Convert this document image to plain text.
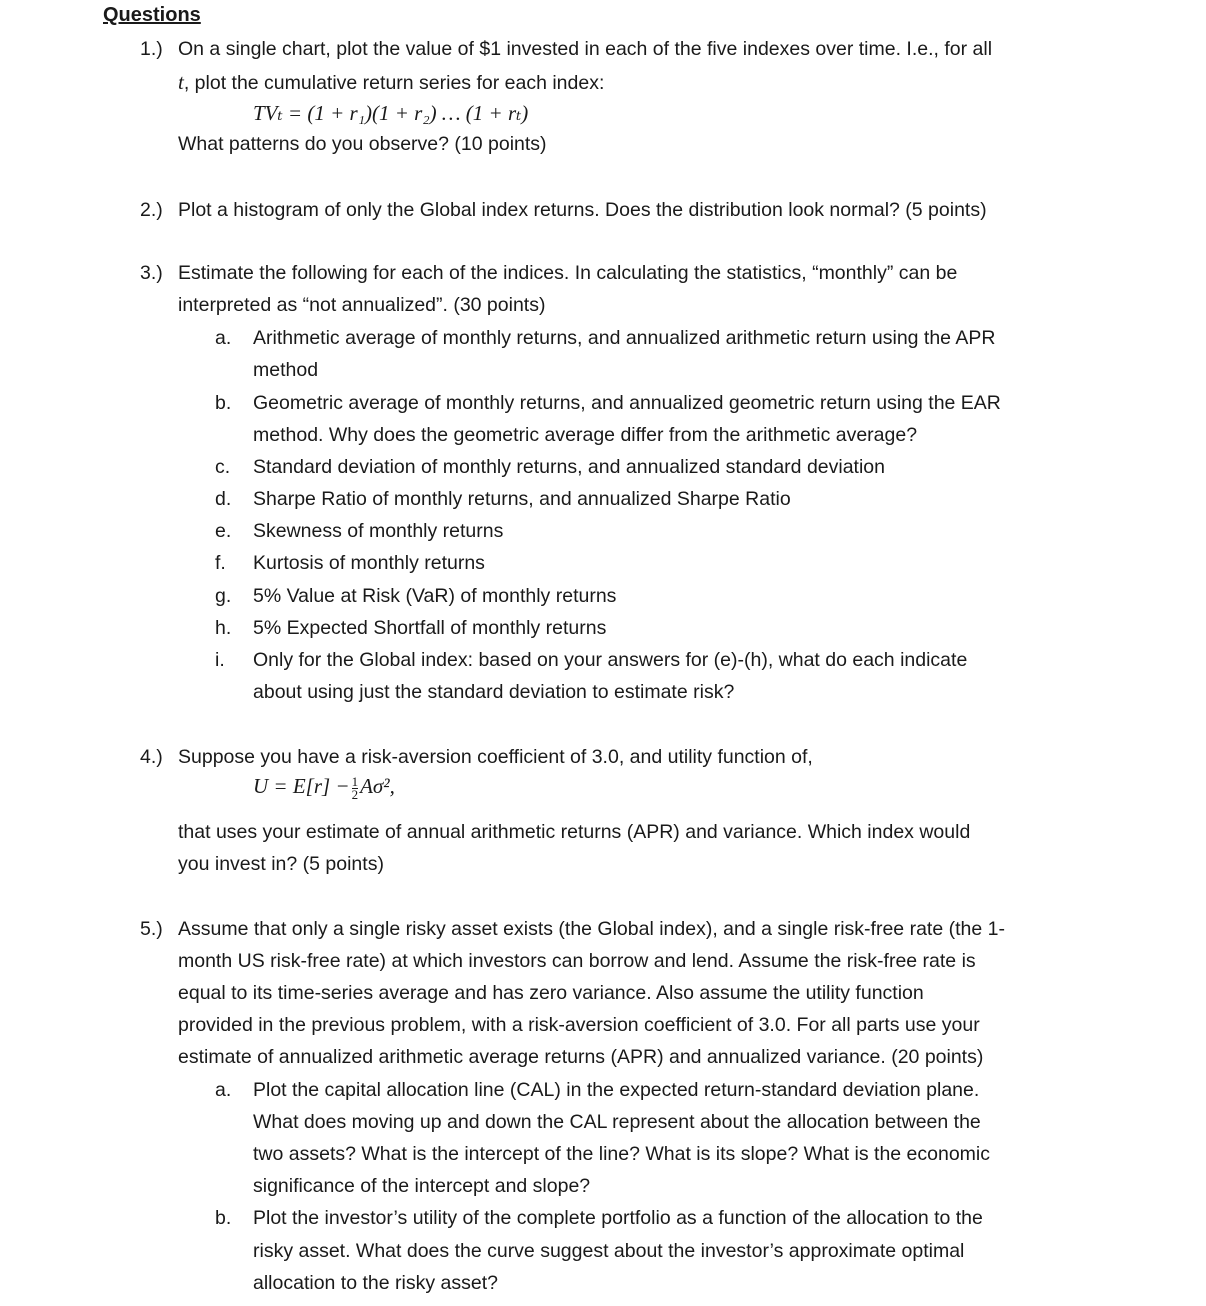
Questions
1.) On a single chart, plot the value of $1 invested in each of the five indexes over time. I.e., for all
t, plot the cumulative return series for each index:
TVₜ = (1 + r₁)(1 + r₂) … (1 + rₜ)
What patterns do you observe? (10 points)
2.) Plot a histogram of only the Global index returns. Does the distribution look normal? (5 points)
3.) Estimate the following for each of the indices. In calculating the statistics, “monthly” can be
interpreted as “not annualized”. (30 points)
a. Arithmetic average of monthly returns, and annualized arithmetic return using the APR
method
b. Geometric average of monthly returns, and annualized geometric return using the EAR
method. Why does the geometric average differ from the arithmetic average?
c. Standard deviation of monthly returns, and annualized standard deviation
d. Sharpe Ratio of monthly returns, and annualized Sharpe Ratio
e. Skewness of monthly returns
f. Kurtosis of monthly returns
g. 5% Value at Risk (VaR) of monthly returns
h. 5% Expected Shortfall of monthly returns
i. Only for the Global index: based on your answers for (e)-(h), what do each indicate
about using just the standard deviation to estimate risk?
4.) Suppose you have a risk-aversion coefficient of 3.0, and utility function of,
$U = E[r] - \frac{1}{2} A\sigma^2$,
that uses your estimate of annual arithmetic returns (APR) and variance. Which index would
you invest in? (5 points)
5.) Assume that only a single risky asset exists (the Global index), and a single risk-free rate (the 1-
month US risk-free rate) at which investors can borrow and lend. Assume the risk-free rate is
equal to its time-series average and has zero variance. Also assume the utility function
provided in the previous problem, with a risk-aversion coefficient of 3.0. For all parts use your
estimate of annualized arithmetic average returns (APR) and annualized variance. (20 points)
a. Plot the capital allocation line (CAL) in the expected return-standard deviation plane.
What does moving up and down the CAL represent about the allocation between the
two assets? What is the intercept of the line? What is its slope? What is the economic
significance of the intercept and slope?
b. Plot the investor’s utility of the complete portfolio as a function of the allocation to the
risky asset. What does the curve suggest about the investor’s approximate optimal
allocation to the risky asset?
